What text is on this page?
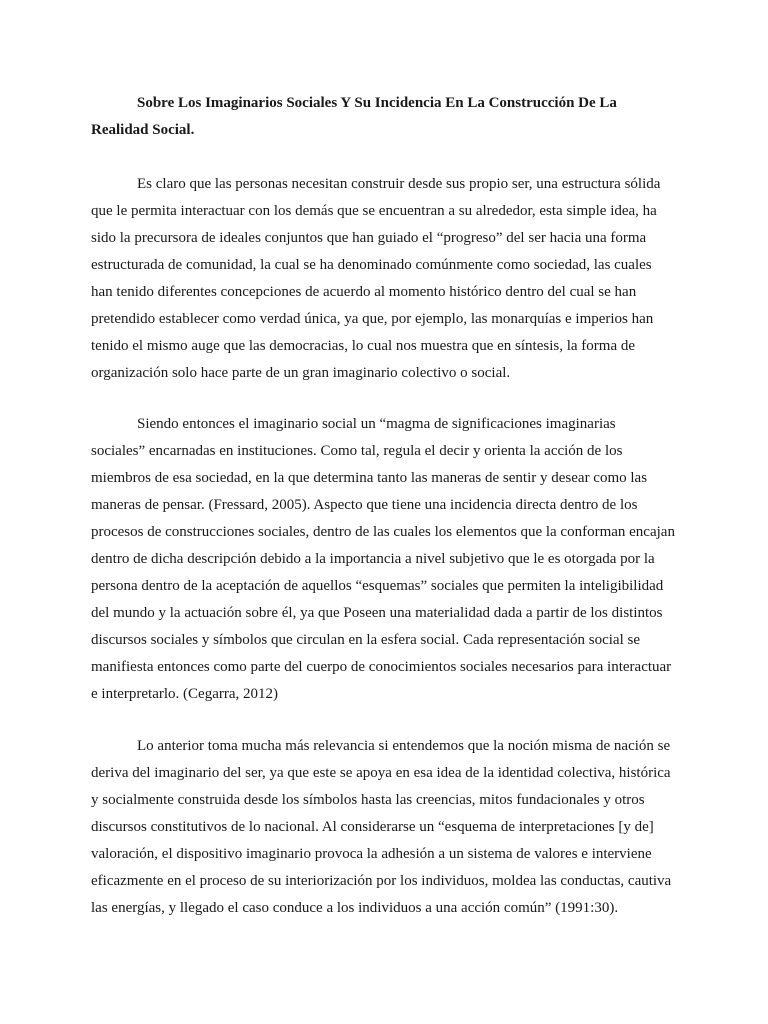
Sobre Los Imaginarios Sociales Y Su Incidencia En La Construcción De La
Realidad Social.
Es claro que las personas necesitan construir desde sus propio ser, una estructura sólida
que le permita interactuar con los demás que se encuentran a su alrededor, esta simple idea, ha
sido la precursora de ideales conjuntos que han guiado el “progreso” del ser hacia una forma
estructurada de comunidad, la cual se ha denominado comúnmente como sociedad, las cuales
han tenido diferentes concepciones de acuerdo al momento histórico dentro del cual se han
pretendido establecer como verdad única, ya que, por ejemplo, las monarquías e imperios han
tenido el mismo auge que las democracias, lo cual nos muestra que en síntesis, la forma de
organización solo hace parte de un gran imaginario colectivo o social.
Siendo entonces el imaginario social un “magma de significaciones imaginarias
sociales” encarnadas en instituciones. Como tal, regula el decir y orienta la acción de los
miembros de esa sociedad, en la que determina tanto las maneras de sentir y desear como las
maneras de pensar. (Fressard, 2005). Aspecto que tiene una incidencia directa dentro de los
procesos de construcciones sociales, dentro de las cuales los elementos que la conforman encajan
dentro de dicha descripción debido a la importancia a nivel subjetivo que le es otorgada por la
persona dentro de la aceptación de aquellos “esquemas” sociales que permiten la inteligibilidad
del mundo y la actuación sobre él, ya que Poseen una materialidad dada a partir de los distintos
discursos sociales y símbolos que circulan en la esfera social. Cada representación social se
manifiesta entonces como parte del cuerpo de conocimientos sociales necesarios para interactuar
e interpretarlo. (Cegarra, 2012)
Lo anterior toma mucha más relevancia si entendemos que la noción misma de nación se
deriva del imaginario del ser, ya que este se apoya en esa idea de la identidad colectiva, histórica
y socialmente construida desde los símbolos hasta las creencias, mitos fundacionales y otros
discursos constitutivos de lo nacional. Al considerarse un “esquema de interpretaciones [y de]
valoración, el dispositivo imaginario provoca la adhesión a un sistema de valores e interviene
eficazmente en el proceso de su interiorización por los individuos, moldea las conductas, cautiva
las energías, y llegado el caso conduce a los individuos a una acción común” (1991:30).
